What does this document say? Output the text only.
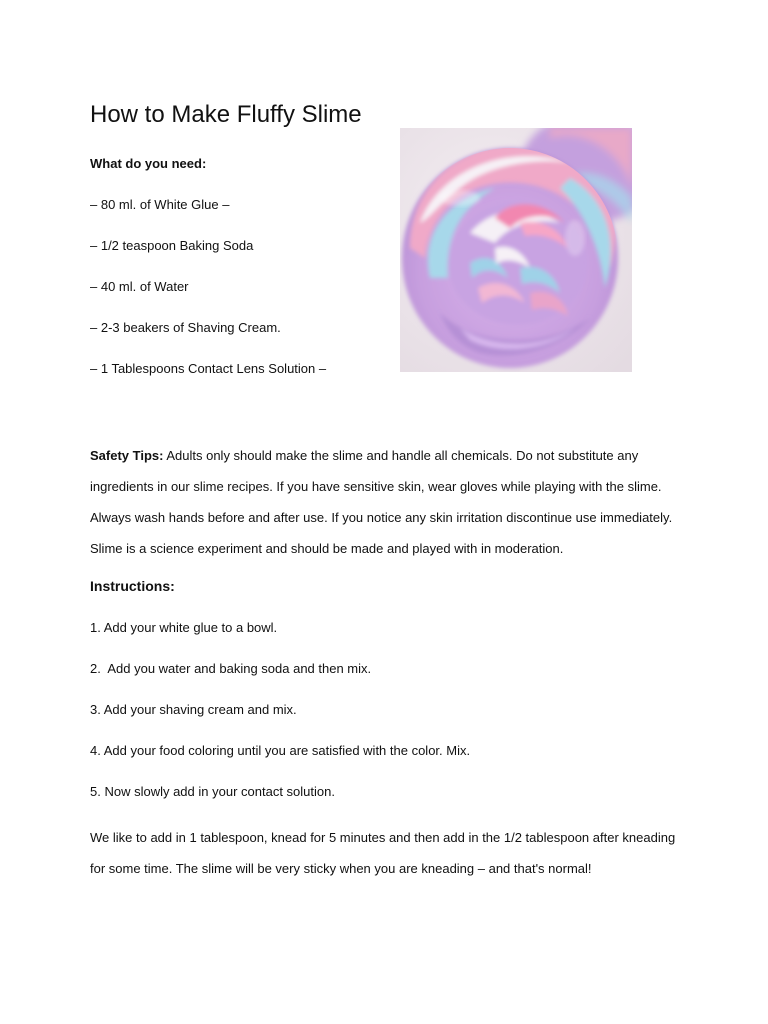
How to Make Fluffy Slime

What do you need:

– 80 ml. of White Glue –
– 1/2 teaspoon Baking Soda
– 40 ml. of Water
– 2-3 beakers of Shaving Cream.
– 1 Tablespoons Contact Lens Solution –

Safety Tips: Adults only should make the slime and handle all chemicals. Do not substitute any ingredients in our slime recipes. If you have sensitive skin, wear gloves while playing with the slime. Always wash hands before and after use. If you notice any skin irritation discontinue use immediately. Slime is a science experiment and should be made and played with in moderation.

Instructions:

1. Add your white glue to a bowl.
2.  Add you water and baking soda and then mix.
3. Add your shaving cream and mix.
4. Add your food coloring until you are satisfied with the color. Mix.
5. Now slowly add in your contact solution.

We like to add in 1 tablespoon, knead for 5 minutes and then add in the 1/2 tablespoon after kneading for some time. The slime will be very sticky when you are kneading – and that's normal!
